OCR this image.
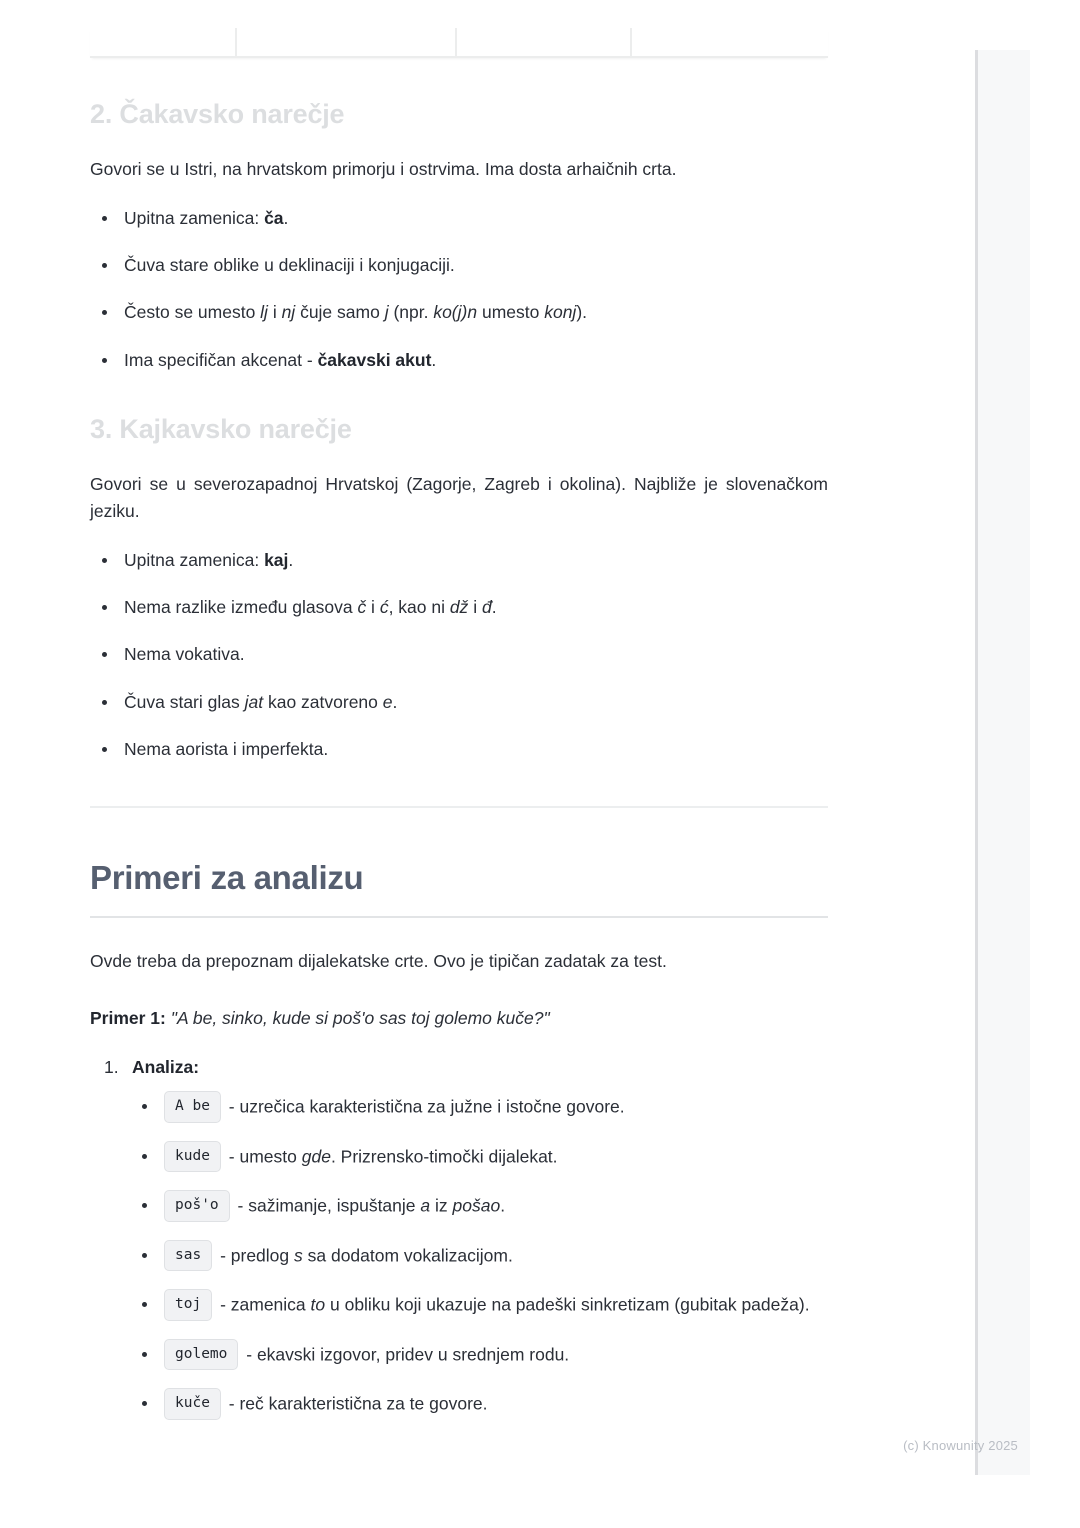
2. Čakavsko narečje

Govori se u Istri, na hrvatskom primorju i ostrvima. Ima dosta arhaičnih crta.

Upitna zamenica: ča.
Čuva stare oblike u deklinaciji i konjugaciji.
Često se umesto lj i nj čuje samo j (npr. ko(j)n umesto konj).
Ima specifičan akcenat - čakavski akut.
3. Kajkavsko narečje

Govori se u severozapadnoj Hrvatskoj (Zagorje, Zagreb i okolina). Najbliže je slovenačkom jeziku.

Upitna zamenica: kaj.
Nema razlike između glasova č i ć, kao ni dž i đ.
Nema vokativa.
Čuva stari glas jat kao zatvoreno e.
Nema aorista i imperfekta.
Primeri za analizu

Ovde treba da prepoznam dijalekatske crte. Ovo je tipičan zadatak za test.

Primer 1: "A be, sinko, kude si poš'o sas toj golemo kuče?"

Analiza:
A be - uzrečica karakteristična za južne i istočne govore.
kude - umesto gde. Prizrensko-timočki dijalekat.
poš'o - sažimanje, ispuštanje a iz pošao.
sas - predlog s sa dodatom vokalizacijom.
toj - zamenica to u obliku koji ukazuje na padeški sinkretizam (gubitak padeža).
golemo - ekavski izgovor, pridev u srednjem rodu.
kuče - reč karakteristična za te govore.
(c) Knowunity 2025
